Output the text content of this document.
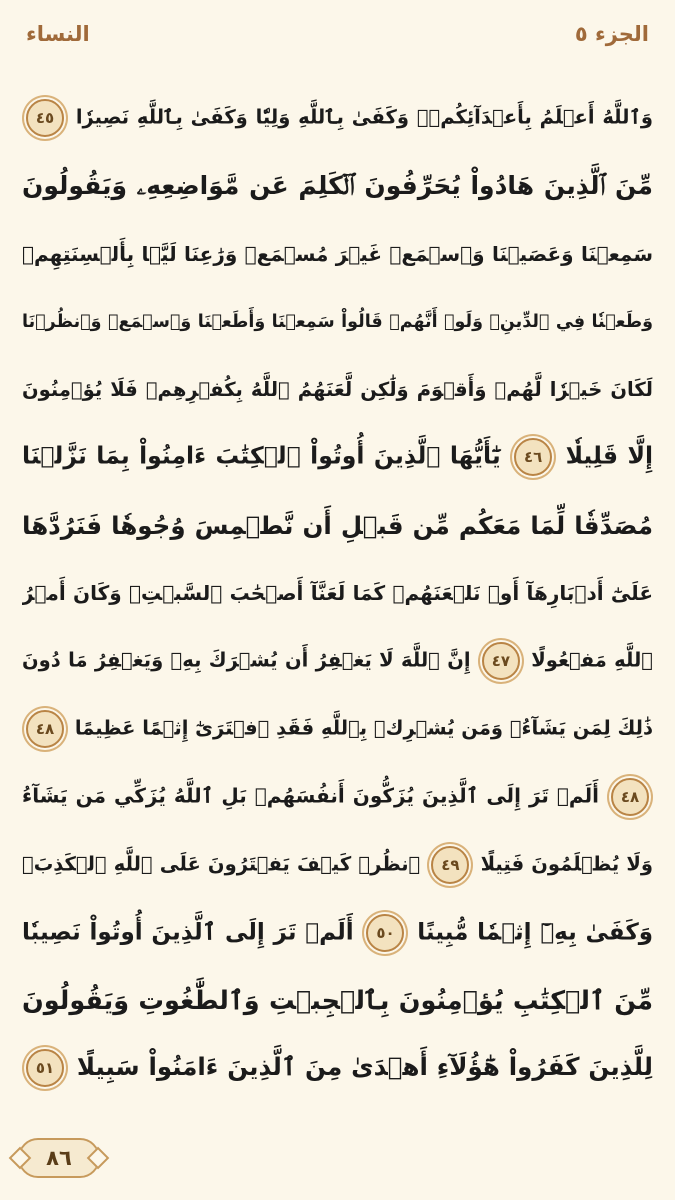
النساء	الجزء ٥
وَٱللَّهُ أَعۡلَمُ بِأَعۡدَآئِكُمۡۚ وَكَفَىٰ بِٱللَّهِ وَلِيّٗا وَكَفَىٰ بِٱللَّهِ نَصِيرٗا ٤٥
مِّنَ ٱلَّذِينَ هَادُواْ يُحَرِّفُونَ ٱلۡكَلِمَ عَن مَّوَاضِعِهِۦ وَيَقُولُونَ
سَمِعۡنَا وَعَصَيۡنَا وَٱسۡمَعۡ غَيۡرَ مُسۡمَعٖ وَرَٰعِنَا لَيَّۢا بِأَلۡسِنَتِهِمۡ
وَطَعۡنٗا فِي ٱلدِّينِۚ وَلَوۡ أَنَّهُمۡ قَالُواْ سَمِعۡنَا وَأَطَعۡنَا وَٱسۡمَعۡ وَٱنظُرۡنَا
لَكَانَ خَيۡرٗا لَّهُمۡ وَأَقۡوَمَ وَلَٰكِن لَّعَنَهُمُ ٱللَّهُ بِكُفۡرِهِمۡ فَلَا يُؤۡمِنُونَ
إِلَّا قَلِيلٗا ٤٦ يَٰٓأَيُّهَا ٱلَّذِينَ أُوتُواْ ٱلۡكِتَٰبَ ءَامِنُواْ بِمَا نَزَّلۡنَا
مُصَدِّقٗا لِّمَا مَعَكُم مِّن قَبۡلِ أَن نَّطۡمِسَ وُجُوهٗا فَنَرُدَّهَا
عَلَىٰٓ أَدۡبَارِهَآ أَوۡ نَلۡعَنَهُمۡ كَمَا لَعَنَّآ أَصۡحَٰبَ ٱلسَّبۡتِۚ وَكَانَ أَمۡرُ
ٱللَّهِ مَفۡعُولًا ٤٧ إِنَّ ٱللَّهَ لَا يَغۡفِرُ أَن يُشۡرَكَ بِهِۦ وَيَغۡفِرُ مَا دُونَ
ذَٰلِكَ لِمَن يَشَآءُۚ وَمَن يُشۡرِكۡ بِٱللَّهِ فَقَدِ ٱفۡتَرَىٰٓ إِثۡمًا عَظِيمًا ٤٨
٤٨ أَلَمۡ تَرَ إِلَى ٱلَّذِينَ يُزَكُّونَ أَنفُسَهُمۚ بَلِ ٱللَّهُ يُزَكِّي مَن يَشَآءُ
وَلَا يُظۡلَمُونَ فَتِيلًا ٤٩ ٱنظُرۡ كَيۡفَ يَفۡتَرُونَ عَلَى ٱللَّهِ ٱلۡكَذِبَۖ
وَكَفَىٰ بِهِۦٓ إِثۡمٗا مُّبِينًا ٥٠ أَلَمۡ تَرَ إِلَى ٱلَّذِينَ أُوتُواْ نَصِيبٗا
مِّنَ ٱلۡكِتَٰبِ يُؤۡمِنُونَ بِٱلۡجِبۡتِ وَٱلطَّٰغُوتِ وَيَقُولُونَ
لِلَّذِينَ كَفَرُواْ هَٰٓؤُلَآءِ أَهۡدَىٰ مِنَ ٱلَّذِينَ ءَامَنُواْ سَبِيلًا ٥١
٨٦
